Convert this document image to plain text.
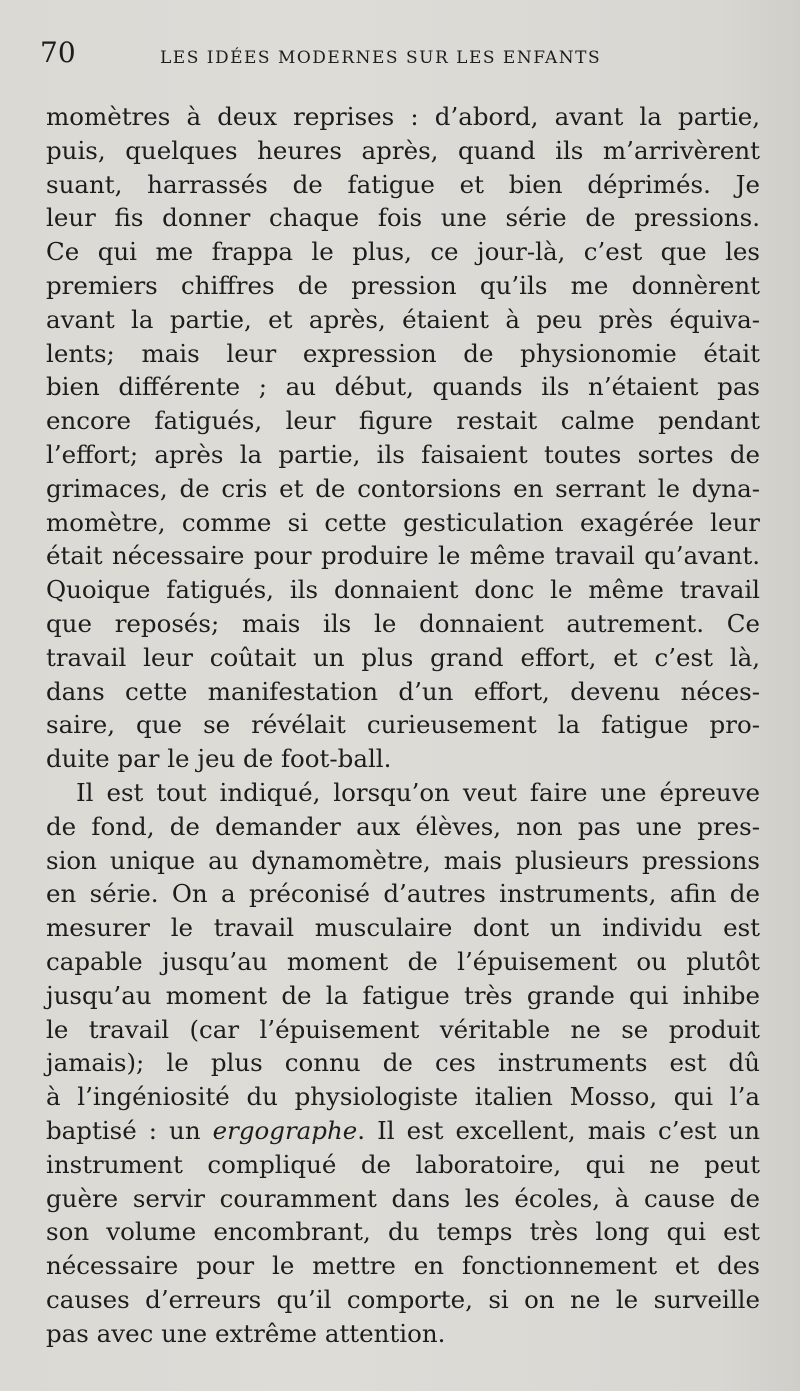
70	LES IDÉES MODERNES SUR LES ENFANTS
momètres à deux reprises : d’abord, avant la partie,
puis, quelques heures après, quand ils m’arrivèrent
suant, harrassés de fatigue et bien déprimés. Je
leur fis donner chaque fois une série de pressions.
Ce qui me frappa le plus, ce jour-là, c’est que les
premiers chiffres de pression qu’ils me donnèrent
avant la partie, et après, étaient à peu près équiva-
lents; mais leur expression de physionomie était
bien différente ; au début, quands ils n’étaient pas
encore fatigués, leur figure restait calme pendant
l’effort; après la partie, ils faisaient toutes sortes de
grimaces, de cris et de contorsions en serrant le dyna-
momètre, comme si cette gesticulation exagérée leur
était nécessaire pour produire le même travail qu’avant.
Quoique fatigués, ils donnaient donc le même travail
que reposés; mais ils le donnaient autrement. Ce
travail leur coûtait un plus grand effort, et c’est là,
dans cette manifestation d’un effort, devenu néces-
saire, que se révélait curieusement la fatigue pro-
duite par le jeu de foot-ball.
Il est tout indiqué, lorsqu’on veut faire une épreuve
de fond, de demander aux élèves, non pas une pres-
sion unique au dynamomètre, mais plusieurs pressions
en série. On a préconisé d’autres instruments, afin de
mesurer le travail musculaire dont un individu est
capable jusqu’au moment de l’épuisement ou plutôt
jusqu’au moment de la fatigue très grande qui inhibe
le travail (car l’épuisement véritable ne se produit
jamais); le plus connu de ces instruments est dû
à l’ingéniosité du physiologiste italien Mosso, qui l’a
baptisé : un ergographe. Il est excellent, mais c’est un
instrument compliqué de laboratoire, qui ne peut
guère servir couramment dans les écoles, à cause de
son volume encombrant, du temps très long qui est
nécessaire pour le mettre en fonctionnement et des
causes d’erreurs qu’il comporte, si on ne le surveille
pas avec une extrême attention.
